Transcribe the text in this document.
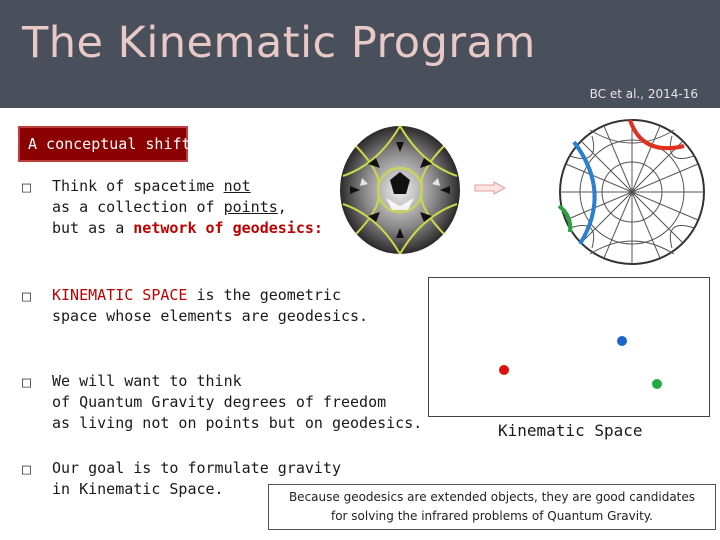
The Kinematic Program
BC et al., 2014-16
A conceptual shift:
□ Think of spacetime not
as a collection of points,
but as a network of geodesics:
□ KINEMATIC SPACE is the geometric
space whose elements are geodesics.
□ We will want to think
of Quantum Gravity degrees of freedom
as living not on points but on geodesics.
□ Our goal is to formulate gravity
in Kinematic Space.
Kinematic Space
Because geodesics are extended objects, they are good candidates
for solving the infrared problems of Quantum Gravity.
